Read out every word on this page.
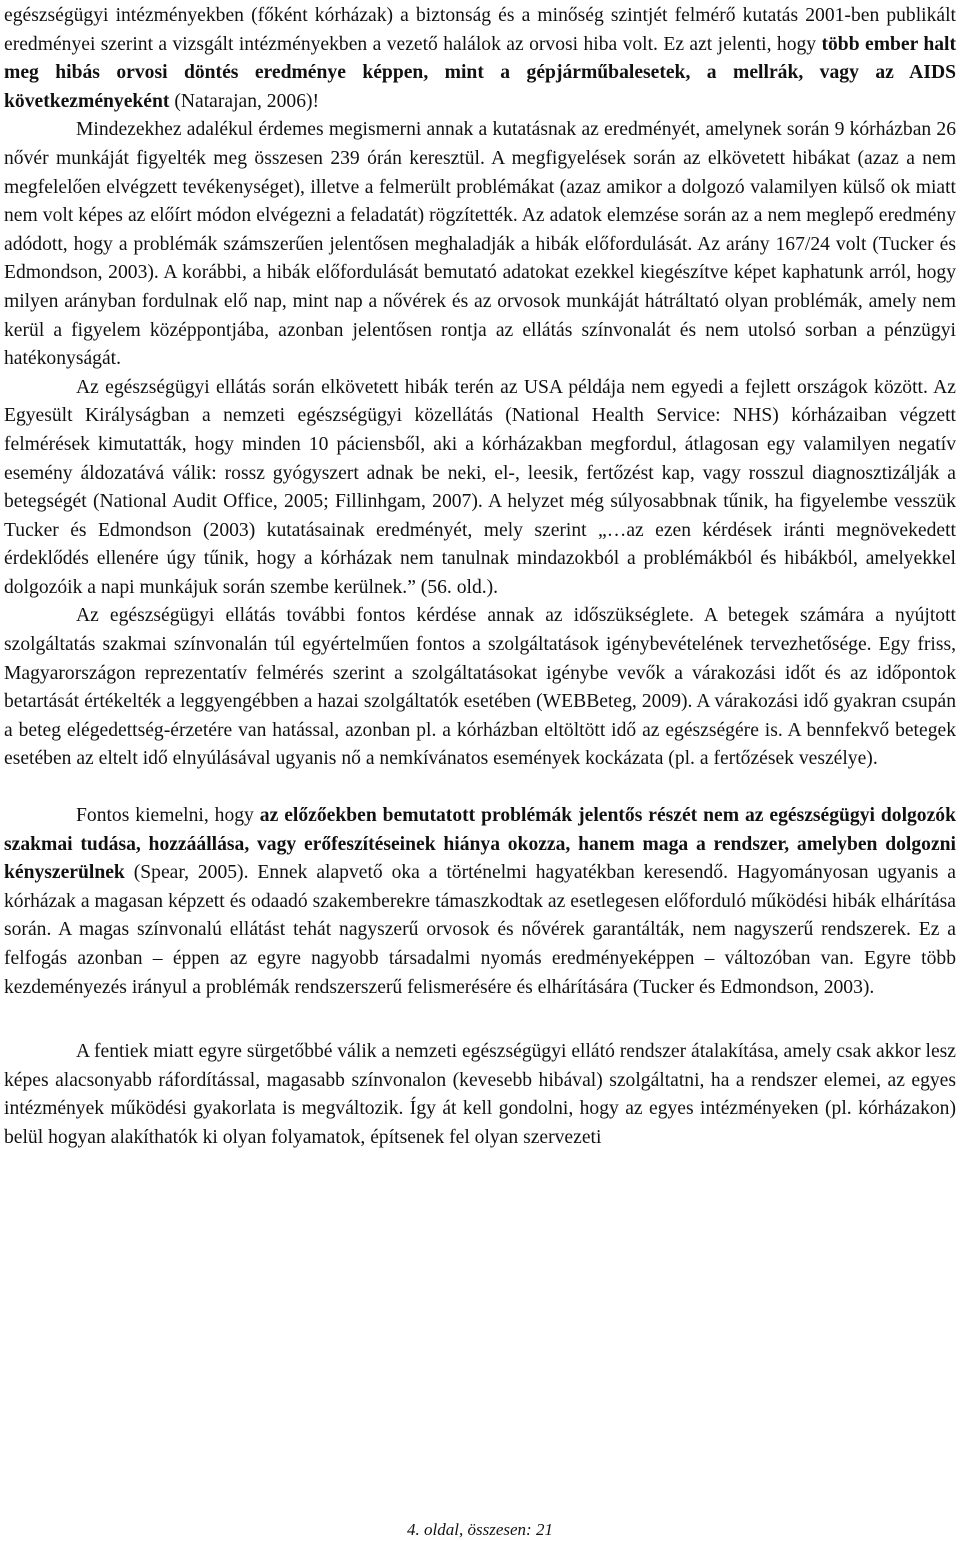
egészségügyi intézményekben (főként kórházak) a biztonság és a minőség szintjét felmérő kutatás 2001-ben publikált eredményei szerint a vizsgált intézményekben a vezető halálok az orvosi hiba volt. Ez azt jelenti, hogy több ember halt meg hibás orvosi döntés eredménye képpen, mint a gépjárműbalesetek, a mellrák, vagy az AIDS következményeként (Natarajan, 2006)!

Mindezekhez adalékul érdemes megismerni annak a kutatásnak az eredményét, amelynek során 9 kórházban 26 nővér munkáját figyelték meg összesen 239 órán keresztül. A megfigyelések során az elkövetett hibákat (azaz a nem megfelelően elvégzett tevékenységet), illetve a felmerült problémákat (azaz amikor a dolgozó valamilyen külső ok miatt nem volt képes az előírt módon elvégezni a feladatát) rögzítették. Az adatok elemzése során az a nem meglepő eredmény adódott, hogy a problémák számszerűen jelentősen meghaladják a hibák előfordulását. Az arány 167/24 volt (Tucker és Edmondson, 2003). A korábbi, a hibák előfordulását bemutató adatokat ezekkel kiegészítve képet kaphatunk arról, hogy milyen arányban fordulnak elő nap, mint nap a nővérek és az orvosok munkáját hátráltató olyan problémák, amely nem kerül a figyelem középpontjába, azonban jelentősen rontja az ellátás színvonalát és nem utolsó sorban a pénzügyi hatékonyságát.

Az egészségügyi ellátás során elkövetett hibák terén az USA példája nem egyedi a fejlett országok között. Az Egyesült Királyságban a nemzeti egészségügyi közellátás (National Health Service: NHS) kórházaiban végzett felmérések kimutatták, hogy minden 10 páciensből, aki a kórházakban megfordul, átlagosan egy valamilyen negatív esemény áldozatává válik: rossz gyógyszert adnak be neki, el-, leesik, fertőzést kap, vagy rosszul diagnosztizálják a betegségét (National Audit Office, 2005; Fillinhgam, 2007). A helyzet még súlyosabbnak tűnik, ha figyelembe vesszük Tucker és Edmondson (2003) kutatásainak eredményét, mely szerint „…az ezen kérdések iránti megnövekedett érdeklődés ellenére úgy tűnik, hogy a kórházak nem tanulnak mindazokból a problémákból és hibákból, amelyekkel dolgozóik a napi munkájuk során szembe kerülnek.” (56. old.).

Az egészségügyi ellátás további fontos kérdése annak az időszükséglete. A betegek számára a nyújtott szolgáltatás szakmai színvonalán túl egyértelműen fontos a szolgáltatások igénybevételének tervezhetősége. Egy friss, Magyarországon reprezentatív felmérés szerint a szolgáltatásokat igénybe vevők a várakozási időt és az időpontok betartását értékelték a leggyengébben a hazai szolgáltatók esetében (WEBBeteg, 2009). A várakozási idő gyakran csupán a beteg elégedettség-érzetére van hatással, azonban pl. a kórházban eltöltött idő az egészségére is. A bennfekvő betegek esetében az eltelt idő elnyúlásával ugyanis nő a nemkívánatos események kockázata (pl. a fertőzések veszélye).

Fontos kiemelni, hogy az előzőekben bemutatott problémák jelentős részét nem az egészségügyi dolgozók szakmai tudása, hozzáállása, vagy erőfeszítéseinek hiánya okozza, hanem maga a rendszer, amelyben dolgozni kényszerülnek (Spear, 2005). Ennek alapvető oka a történelmi hagyatékban keresendő. Hagyományosan ugyanis a kórházak a magasan képzett és odaadó szakemberekre támaszkodtak az esetlegesen előforduló működési hibák elhárítása során. A magas színvonalú ellátást tehát nagyszerű orvosok és nővérek garantálták, nem nagyszerű rendszerek. Ez a felfogás azonban – éppen az egyre nagyobb társadalmi nyomás eredményeképpen – változóban van. Egyre több kezdeményezés irányul a problémák rendszerszerű felismerésére és elhárítására (Tucker és Edmondson, 2003).

A fentiek miatt egyre sürgetőbbé válik a nemzeti egészségügyi ellátó rendszer átalakítása, amely csak akkor lesz képes alacsonyabb ráfordítással, magasabb színvonalon (kevesebb hibával) szolgáltatni, ha a rendszer elemei, az egyes intézmények működési gyakorlata is megváltozik. Így át kell gondolni, hogy az egyes intézményeken (pl. kórházakon) belül hogyan alakíthatók ki olyan folyamatok, építsenek fel olyan szervezeti

4. oldal, összesen: 21
